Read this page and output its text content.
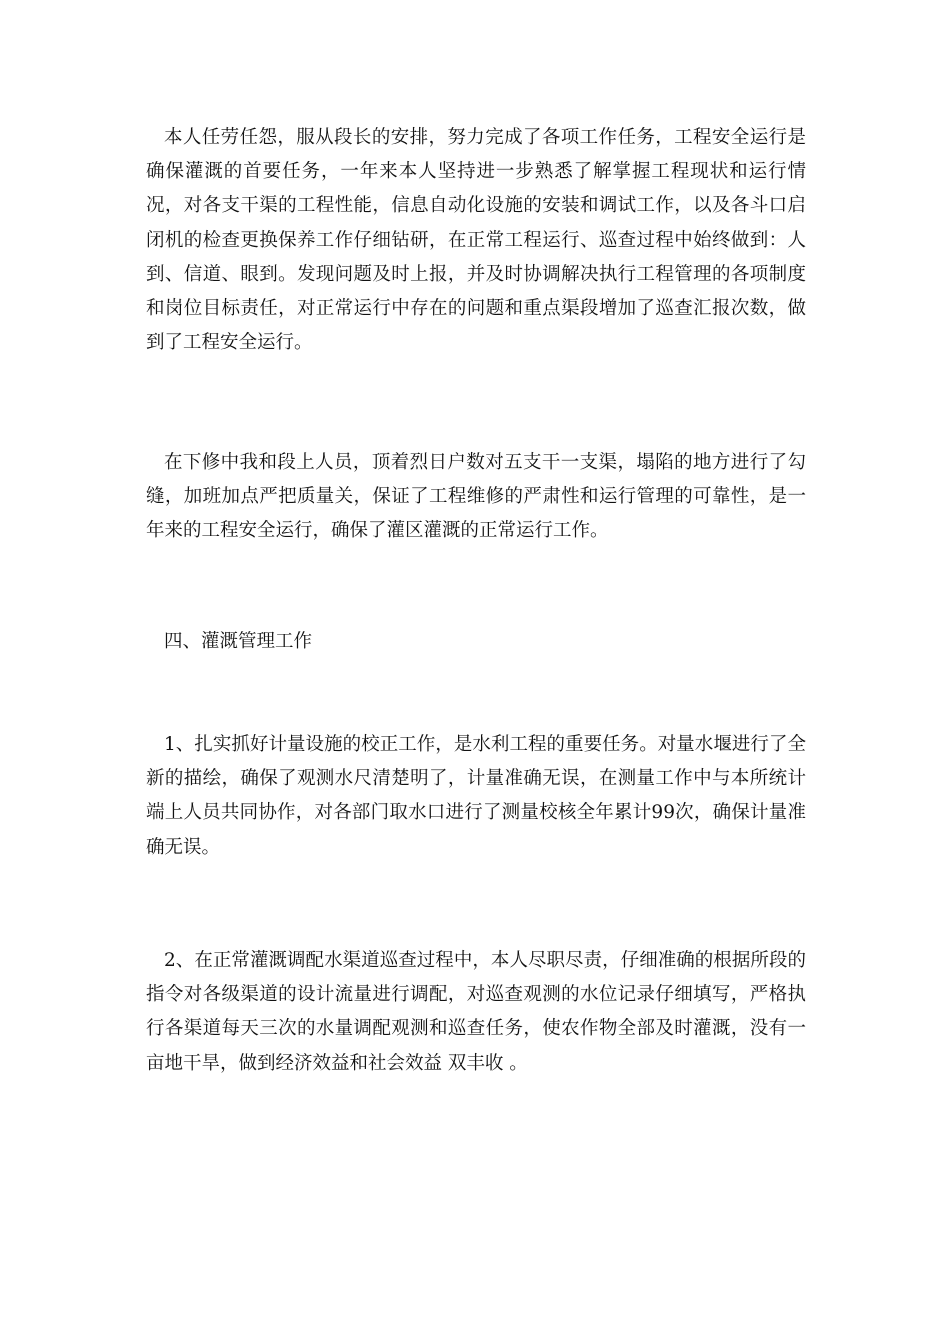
本人任劳任怨，服从段长的安排，努力完成了各项工作任务，工程安全运行是确保灌溉的首要任务，一年来本人坚持进一步熟悉了解掌握工程现状和运行情况，对各支干渠的工程性能，信息自动化设施的安装和调试工作，以及各斗口启闭机的检查更换保养工作仔细钻研，在正常工程运行、巡查过程中始终做到：人到、信道、眼到。发现问题及时上报，并及时协调解决执行工程管理的各项制度和岗位目标责任，对正常运行中存在的问题和重点渠段增加了巡查汇报次数，做到了工程安全运行。

在下修中我和段上人员，顶着烈日户数对五支干一支渠，塌陷的地方进行了勾缝，加班加点严把质量关，保证了工程维修的严肃性和运行管理的可靠性，是一年来的工程安全运行，确保了灌区灌溉的正常运行工作。

四、灌溉管理工作

1、扎实抓好计量设施的校正工作，是水利工程的重要任务。对量水堰进行了全新的描绘，确保了观测水尺清楚明了，计量准确无误，在测量工作中与本所统计端上人员共同协作，对各部门取水口进行了测量校核全年累计99次，确保计量准确无误。

2、在正常灌溉调配水渠道巡查过程中，本人尽职尽责，仔细准确的根据所段的指令对各级渠道的设计流量进行调配，对巡查观测的水位记录仔细填写，严格执行各渠道每天三次的水量调配观测和巡查任务，使农作物全部及时灌溉，没有一亩地干旱，做到经济效益和社会效益 双丰收 。
